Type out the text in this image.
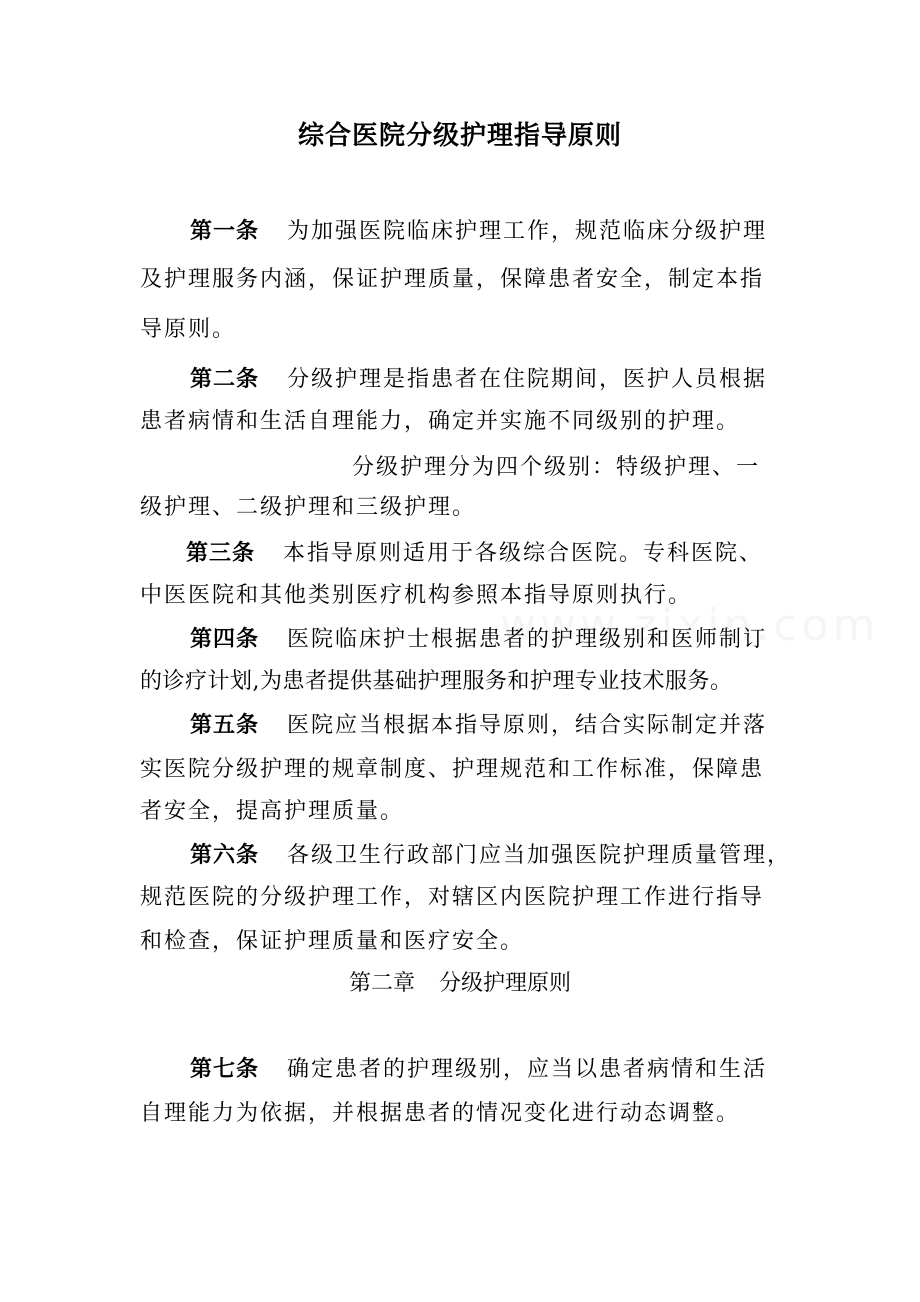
综合医院分级护理指导原则
第一条 为加强医院临床护理工作，规范临床分级护理
及护理服务内涵，保证护理质量，保障患者安全，制定本指
导原则。
第二条 分级护理是指患者在住院期间，医护人员根据
患者病情和生活自理能力，确定并实施不同级别的护理。
分级护理分为四个级别：特级护理、一
级护理、二级护理和三级护理。
第三条 本指导原则适用于各级综合医院。专科医院、
中医医院和其他类别医疗机构参照本指导原则执行。
第四条 医院临床护士根据患者的护理级别和医师制订
的诊疗计划,为患者提供基础护理服务和护理专业技术服务。
第五条 医院应当根据本指导原则，结合实际制定并落
实医院分级护理的规章制度、护理规范和工作标准，保障患
者安全，提高护理质量。
第六条 各级卫生行政部门应当加强医院护理质量管理，
规范医院的分级护理工作，对辖区内医院护理工作进行指导
和检查，保证护理质量和医疗安全。
第二章 分级护理原则
第七条 确定患者的护理级别，应当以患者病情和生活
自理能力为依据，并根据患者的情况变化进行动态调整。
